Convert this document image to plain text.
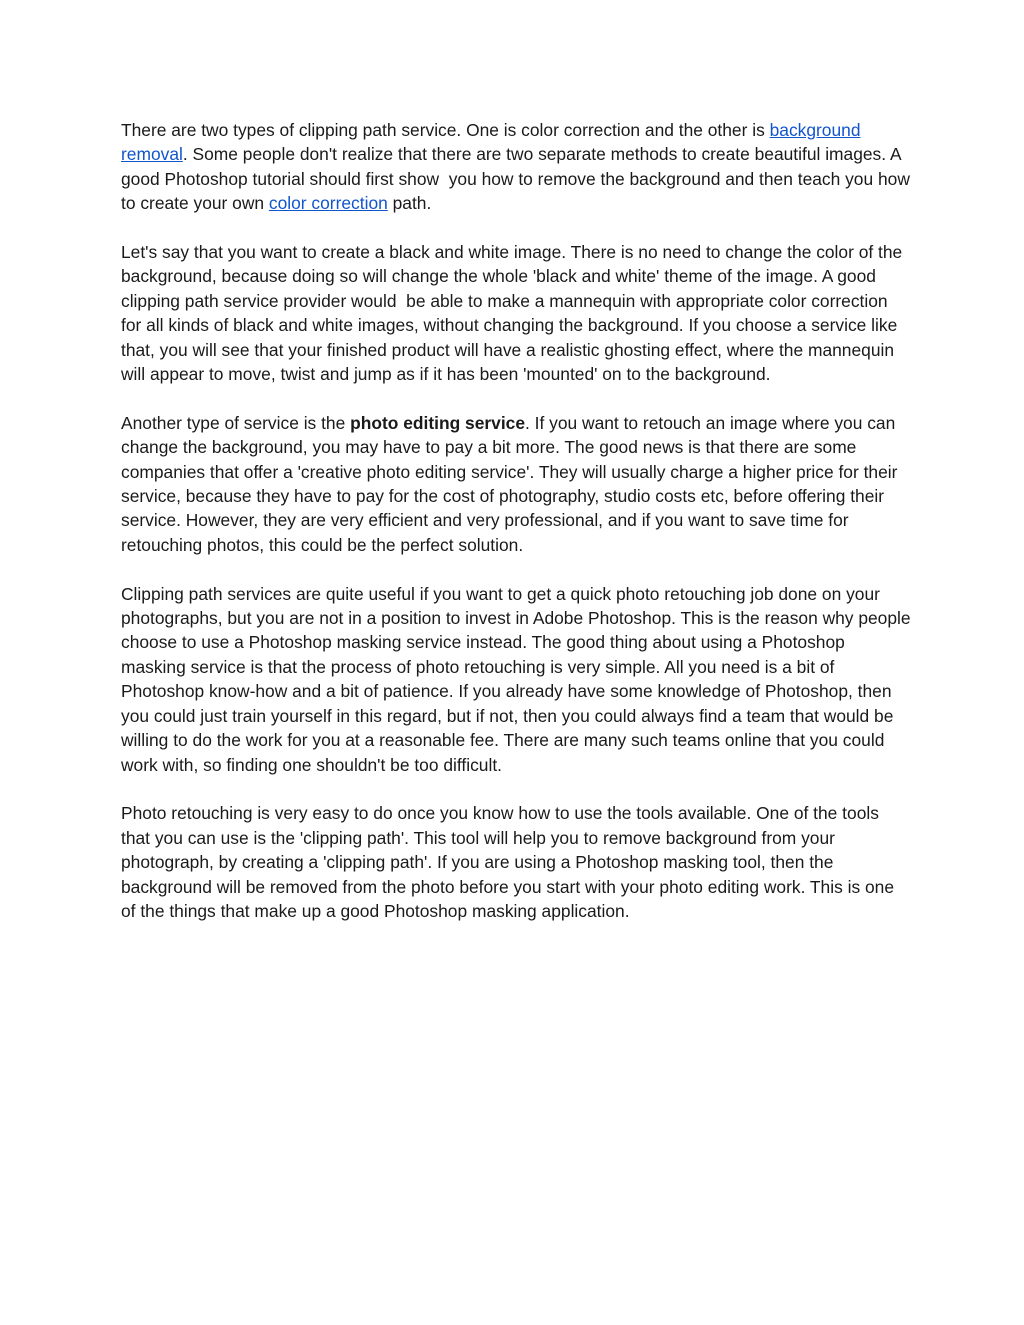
There are two types of clipping path service. One is color correction and the other is background removal. Some people don't realize that there are two separate methods to create beautiful images. A good Photoshop tutorial should first show  you how to remove the background and then teach you how to create your own color correction path.

Let's say that you want to create a black and white image. There is no need to change the color of the background, because doing so will change the whole 'black and white' theme of the image. A good clipping path service provider would  be able to make a mannequin with appropriate color correction for all kinds of black and white images, without changing the background. If you choose a service like that, you will see that your finished product will have a realistic ghosting effect, where the mannequin will appear to move, twist and jump as if it has been 'mounted' on to the background.

Another type of service is the photo editing service. If you want to retouch an image where you can change the background, you may have to pay a bit more. The good news is that there are some companies that offer a 'creative photo editing service'. They will usually charge a higher price for their service, because they have to pay for the cost of photography, studio costs etc, before offering their service. However, they are very efficient and very professional, and if you want to save time for retouching photos, this could be the perfect solution.

Clipping path services are quite useful if you want to get a quick photo retouching job done on your photographs, but you are not in a position to invest in Adobe Photoshop. This is the reason why people choose to use a Photoshop masking service instead. The good thing about using a Photoshop masking service is that the process of photo retouching is very simple. All you need is a bit of Photoshop know-how and a bit of patience. If you already have some knowledge of Photoshop, then you could just train yourself in this regard, but if not, then you could always find a team that would be willing to do the work for you at a reasonable fee. There are many such teams online that you could work with, so finding one shouldn't be too difficult.

Photo retouching is very easy to do once you know how to use the tools available. One of the tools that you can use is the 'clipping path'. This tool will help you to remove background from your photograph, by creating a 'clipping path'. If you are using a Photoshop masking tool, then the background will be removed from the photo before you start with your photo editing work. This is one of the things that make up a good Photoshop masking application.
